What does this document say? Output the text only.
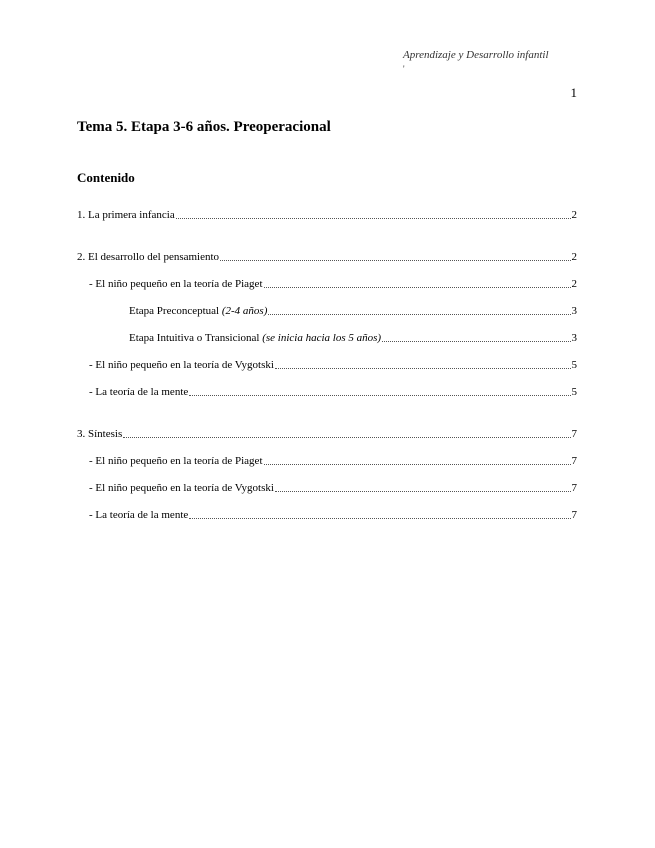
Aprendizaje y Desarrollo infantil
'
1
Tema 5. Etapa 3-6 años. Preoperacional
Contenido
1. La primera infancia	2
2. El desarrollo del pensamiento	2
- El niño pequeño en la teoría de Piaget	2
Etapa Preconceptual (2-4 años)	3
Etapa Intuitiva o Transicional (se inicia hacia los 5 años)	3
- El niño pequeño en la teoría de Vygotski	5
- La teoría de la mente	5
3. Síntesis	7
- El niño pequeño en la teoría de Piaget	7
- El niño pequeño en la teoría de Vygotski	7
- La teoría de la mente	7
